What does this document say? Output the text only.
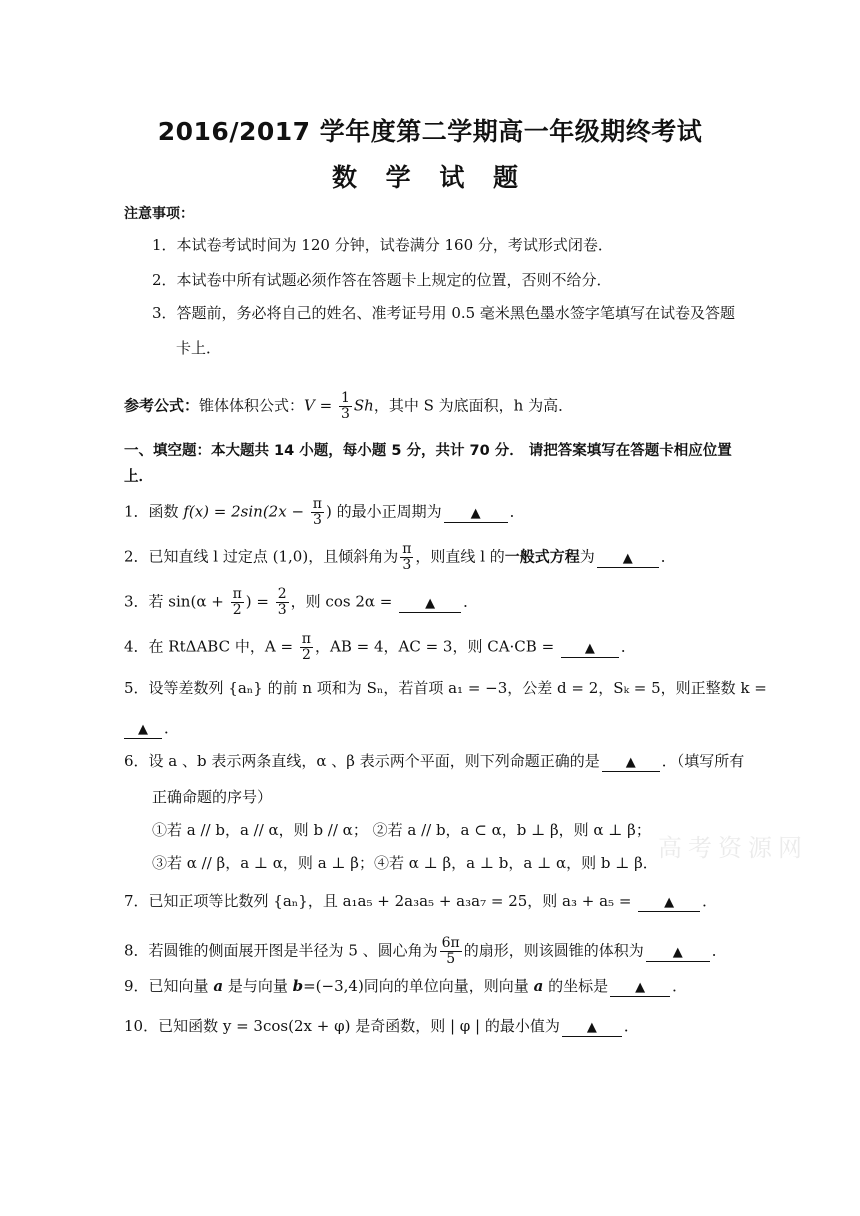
2016/2017 学年度第二学期高一年级期终考试
数 学 试 题
注意事项：
1．本试卷考试时间为 120 分钟，试卷满分 160 分，考试形式闭卷．
2．本试卷中所有试题必须作答在答题卡上规定的位置，否则不给分．
3．答题前，务必将自己的姓名、准考证号用 0.5 毫米黑色墨水签字笔填写在试卷及答题
卡上．
参考公式：锥体体积公式：$V = \frac{1}{3}$ Sh，其中 S 为底面积，h 为高．
一、填空题：本大题共 14 小题，每小题 5 分，共计 70 分． 请把答案填写在答题卡相应位置
上．
1．函数 $f(x) = 2\sin(2x - \frac{\pi}{3}$ ) 的最小正周期为 ▲ ．
2．已知直线 l 过定点 (1,0)，且倾斜角为 $\frac{\pi}{3}$ ，则直线 l 的一般式方程为 ▲ ．
3．若 $\sin(\alpha + \frac{\pi}{2}$ ) = $\frac{2}{3}$ ，则 cos 2α = ▲ ．
4．在 RtΔABC 中，$A = \frac{\pi}{2}$ ，AB = 4，AC = 3，则 CA·CB = ▲ ．
5．设等差数列 {aₙ} 的前 n 项和为 Sₙ，若首项 a₁ = −3，公差 d = 2，Sₖ = 5，则正整数 k =
▲ ．
6．设 a 、b 表示两条直线，α 、β 表示两个平面，则下列命题正确的是 ▲ ．（填写所有
正确命题的序号）
①若 a // b，a // α，则 b // α； ②若 a // b，a ⊂ α，b ⊥ β，则 α ⊥ β；
③若 α // β，a ⊥ α，则 a ⊥ β；④若 α ⊥ β，a ⊥ b，a ⊥ α，则 b ⊥ β．
高考资源网
7．已知正项等比数列 {aₙ}，且 a₁a₅ + 2a₃a₅ + a₃a₇ = 25，则 a₃ + a₅ = ▲ ．
8．若圆锥的侧面展开图是半径为 5 、圆心角为 $\frac{6\pi}{5}$ 的扇形，则该圆锥的体积为 ▲ ．
9．已知向量 a 是与向量 b=(−3,4)同向的单位向量，则向量 a 的坐标是 ▲ ．
10．已知函数 y = 3cos(2x + φ) 是奇函数，则 | φ | 的最小值为 ▲ ．
